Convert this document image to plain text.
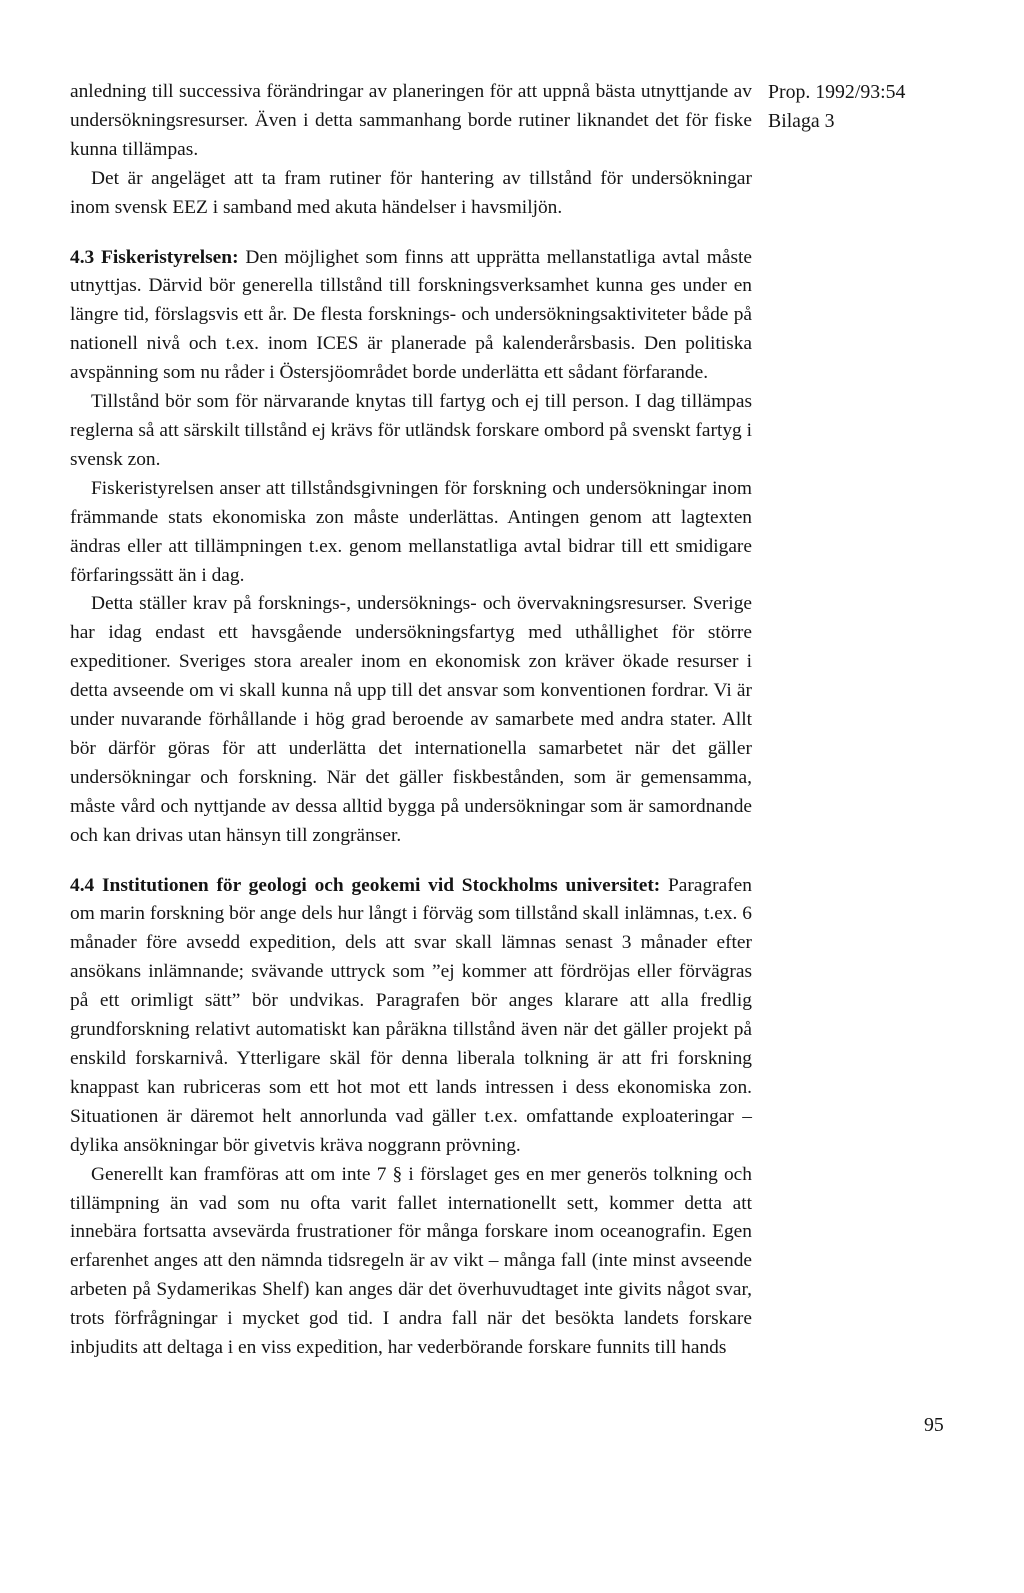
anledning till successiva förändringar av planeringen för att uppnå bästa utnyttjande av undersökningsresurser. Även i detta sammanhang borde rutiner liknandet det för fiske kunna tillämpas.

Det är angeläget att ta fram rutiner för hantering av tillstånd för undersökningar inom svensk EEZ i samband med akuta händelser i havsmiljön.

4.3 Fiskeristyrelsen: Den möjlighet som finns att upprätta mellanstatliga avtal måste utnyttjas. Därvid bör generella tillstånd till forskningsverksamhet kunna ges under en längre tid, förslagsvis ett år. De flesta forsknings- och undersökningsaktiviteter både på nationell nivå och t.ex. inom ICES är planerade på kalenderårsbasis. Den politiska avspänning som nu råder i Östersjöområdet borde underlätta ett sådant förfarande.

Tillstånd bör som för närvarande knytas till fartyg och ej till person. I dag tillämpas reglerna så att särskilt tillstånd ej krävs för utländsk forskare ombord på svenskt fartyg i svensk zon.

Fiskeristyrelsen anser att tillståndsgivningen för forskning och undersökningar inom främmande stats ekonomiska zon måste underlättas. Antingen genom att lagtexten ändras eller att tillämpningen t.ex. genom mellanstatliga avtal bidrar till ett smidigare förfaringssätt än i dag.

Detta ställer krav på forsknings-, undersöknings- och övervakningsresurser. Sverige har idag endast ett havsgående undersökningsfartyg med uthållighet för större expeditioner. Sveriges stora arealer inom en ekonomisk zon kräver ökade resurser i detta avseende om vi skall kunna nå upp till det ansvar som konventionen fordrar. Vi är under nuvarande förhållande i hög grad beroende av samarbete med andra stater. Allt bör därför göras för att underlätta det internationella samarbetet när det gäller undersökningar och forskning. När det gäller fiskbestånden, som är gemensamma, måste vård och nyttjande av dessa alltid bygga på undersökningar som är samordnande och kan drivas utan hänsyn till zongränser.

4.4 Institutionen för geologi och geokemi vid Stockholms universitet: Paragrafen om marin forskning bör ange dels hur långt i förväg som tillstånd skall inlämnas, t.ex. 6 månader före avsedd expedition, dels att svar skall lämnas senast 3 månader efter ansökans inlämnande; svävande uttryck som ”ej kommer att fördröjas eller förvägras på ett orimligt sätt” bör undvikas. Paragrafen bör anges klarare att alla fredlig grundforskning relativt automatiskt kan påräkna tillstånd även när det gäller projekt på enskild forskarnivå. Ytterligare skäl för denna liberala tolkning är att fri forskning knappast kan rubriceras som ett hot mot ett lands intressen i dess ekonomiska zon. Situationen är däremot helt annorlunda vad gäller t.ex. omfattande exploateringar – dylika ansökningar bör givetvis kräva noggrann prövning.

Generellt kan framföras att om inte 7 § i förslaget ges en mer generös tolkning och tillämpning än vad som nu ofta varit fallet internationellt sett, kommer detta att innebära fortsatta avsevärda frustrationer för många forskare inom oceanografin. Egen erfarenhet anges att den nämnda tidsregeln är av vikt – många fall (inte minst avseende arbeten på Sydamerikas Shelf) kan anges där det överhuvudtaget inte givits något svar, trots förfrågningar i mycket god tid. I andra fall när det besökta landets forskare inbjudits att deltaga i en viss expedition, har vederbörande forskare funnits till hands

Prop. 1992/93:54
Bilaga 3
95
